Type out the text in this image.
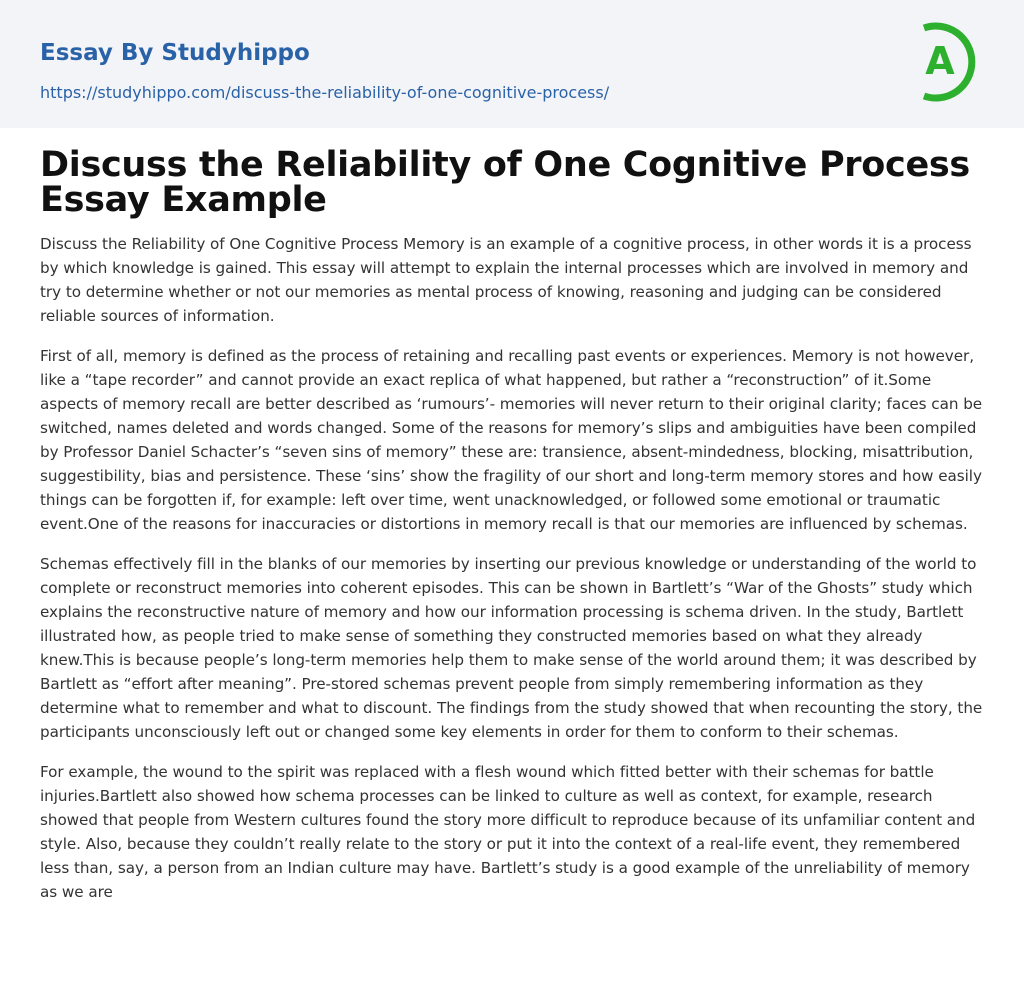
Essay By Studyhippo
https://studyhippo.com/discuss-the-reliability-of-one-cognitive-process/
A
Discuss the Reliability of One Cognitive Process Essay Example

Discuss the Reliability of One Cognitive Process Memory is an example of a cognitive process, in other words it is a process by which knowledge is gained. This essay will attempt to explain the internal processes which are involved in memory and try to determine whether or not our memories as mental process of knowing, reasoning and judging can be considered reliable sources of information.

First of all, memory is defined as the process of retaining and recalling past events or experiences. Memory is not however, like a “tape recorder” and cannot provide an exact replica of what happened, but rather a “reconstruction” of it.Some aspects of memory recall are better described as ‘rumours’- memories will never return to their original clarity; faces can be switched, names deleted and words changed. Some of the reasons for memory’s slips and ambiguities have been compiled by Professor Daniel Schacter’s “seven sins of memory” these are: transience, absent-mindedness, blocking, misattribution, suggestibility, bias and persistence. These ‘sins’ show the fragility of our short and long-term memory stores and how easily things can be forgotten if, for example: left over time, went unacknowledged, or followed some emotional or traumatic event.One of the reasons for inaccuracies or distortions in memory recall is that our memories are influenced by schemas.

Schemas effectively fill in the blanks of our memories by inserting our previous knowledge or understanding of the world to complete or reconstruct memories into coherent episodes. This can be shown in Bartlett’s “War of the Ghosts” study which explains the reconstructive nature of memory and how our information processing is schema driven. In the study, Bartlett illustrated how, as people tried to make sense of something they constructed memories based on what they already knew.This is because people’s long-term memories help them to make sense of the world around them; it was described by Bartlett as “effort after meaning”. Pre-stored schemas prevent people from simply remembering information as they determine what to remember and what to discount. The findings from the study showed that when recounting the story, the participants unconsciously left out or changed some key elements in order for them to conform to their schemas.

For example, the wound to the spirit was replaced with a flesh wound which fitted better with their schemas for battle injuries.Bartlett also showed how schema processes can be linked to culture as well as context, for example, research showed that people from Western cultures found the story more difficult to reproduce because of its unfamiliar content and style. Also, because they couldn’t really relate to the story or put it into the context of a real-life event, they remembered less than, say, a person from an Indian culture may have. Bartlett’s study is a good example of the unreliability of memory as we are
